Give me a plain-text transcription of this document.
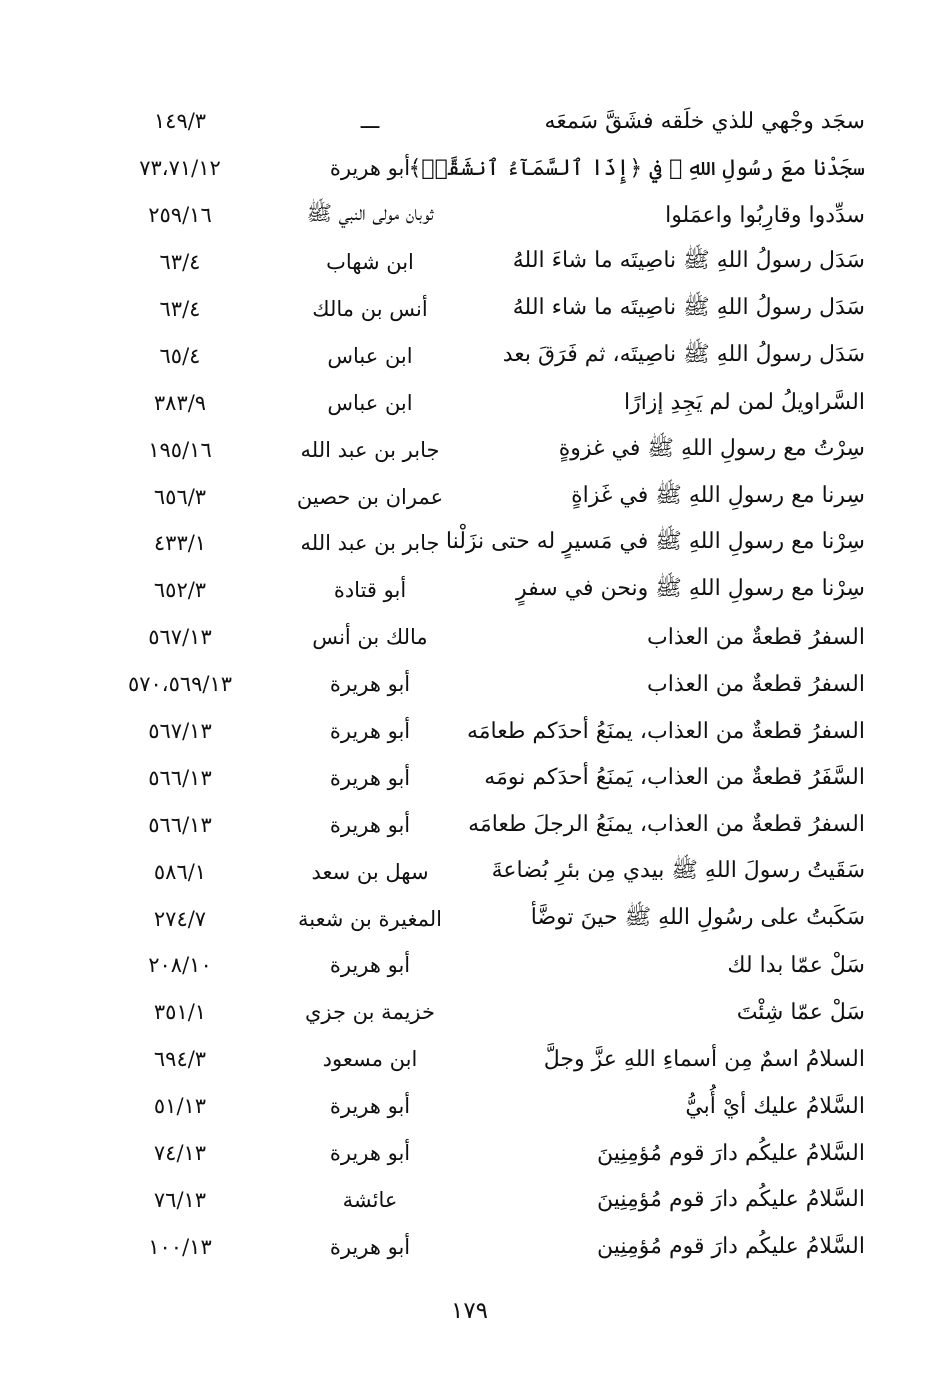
سجَد وجْهي للذي خلَقه فشَقَّ سَمعَه
ـــ
١٤٩/٣
سجَدْنا معَ رسُولِ اللهِ ﷺ في ﴿إِذَا ٱلسَّمَآءُ ٱنشَقَّتۡ﴾
أبو هريرة
٧٣،٧١/١٢
سدِّدوا وقارِبُوا واعمَلوا
ثوبان مولى النبي ﷺ
٢٥٩/١٦
سَدَل رسولُ اللهِ ﷺ ناصِيتَه ما شاءَ اللهُ
ابن شهاب
٦٣/٤
سَدَل رسولُ اللهِ ﷺ ناصِيتَه ما شاء اللهُ
أنس بن مالك
٦٣/٤
سَدَل رسولُ اللهِ ﷺ ناصِيتَه، ثم فَرَقَ بعد
ابن عباس
٦٥/٤
السَّراويلُ لمن لم يَجِدِ إزارًا
ابن عباس
٣٨٣/٩
سِرْتُ مع رسولِ اللهِ ﷺ في غزوةٍ
جابر بن عبد الله
١٩٥/١٦
سِرنا مع رسولِ اللهِ ﷺ في غَزاةٍ
عمران بن حصين
٦٥٦/٣
سِرْنا مع رسولِ اللهِ ﷺ في مَسيرٍ له حتى نزَلْنا
جابر بن عبد الله
٤٣٣/١
سِرْنا مع رسولِ اللهِ ﷺ ونحن في سفرٍ
أبو قتادة
٦٥٢/٣
السفرُ قطعةٌ من العذاب
مالك بن أنس
٥٦٧/١٣
السفرُ قطعةٌ من العذاب
أبو هريرة
٥٧٠،٥٦٩/١٣
السفرُ قطعةٌ من العذاب، يمنَعُ أحدَكم طعامَه
أبو هريرة
٥٦٧/١٣
السَّفَرُ قطعةٌ من العذاب، يَمنَعُ أحدَكم نومَه
أبو هريرة
٥٦٦/١٣
السفرُ قطعةٌ من العذاب، يمنَعُ الرجلَ طعامَه
أبو هريرة
٥٦٦/١٣
سَقَيتُ رسولَ اللهِ ﷺ بيدي مِن بئرِ بُضاعةَ
سهل بن سعد
٥٨٦/١
سَكَبتُ على رسُولِ اللهِ ﷺ حينَ توضَّأ
المغيرة بن شعبة
٢٧٤/٧
سَلْ عمّا بدا لك
أبو هريرة
٢٠٨/١٠
سَلْ عمّا شِئْتَ
خزيمة بن جزي
٣٥١/١
السلامُ اسمٌ مِن أسماءِ اللهِ عزَّ وجلَّ
ابن مسعود
٦٩٤/٣
السَّلامُ عليك أيْ أُبيُّ
أبو هريرة
٥١/١٣
السَّلامُ عليكُم دارَ قوم مُؤمِنِينَ
أبو هريرة
٧٤/١٣
السَّلامُ عليكُم دارَ قوم مُؤمِنِينَ
عائشة
٧٦/١٣
السَّلامُ عليكُم دارَ قوم مُؤمِنِين
أبو هريرة
١٠٠/١٣
١٧٩
